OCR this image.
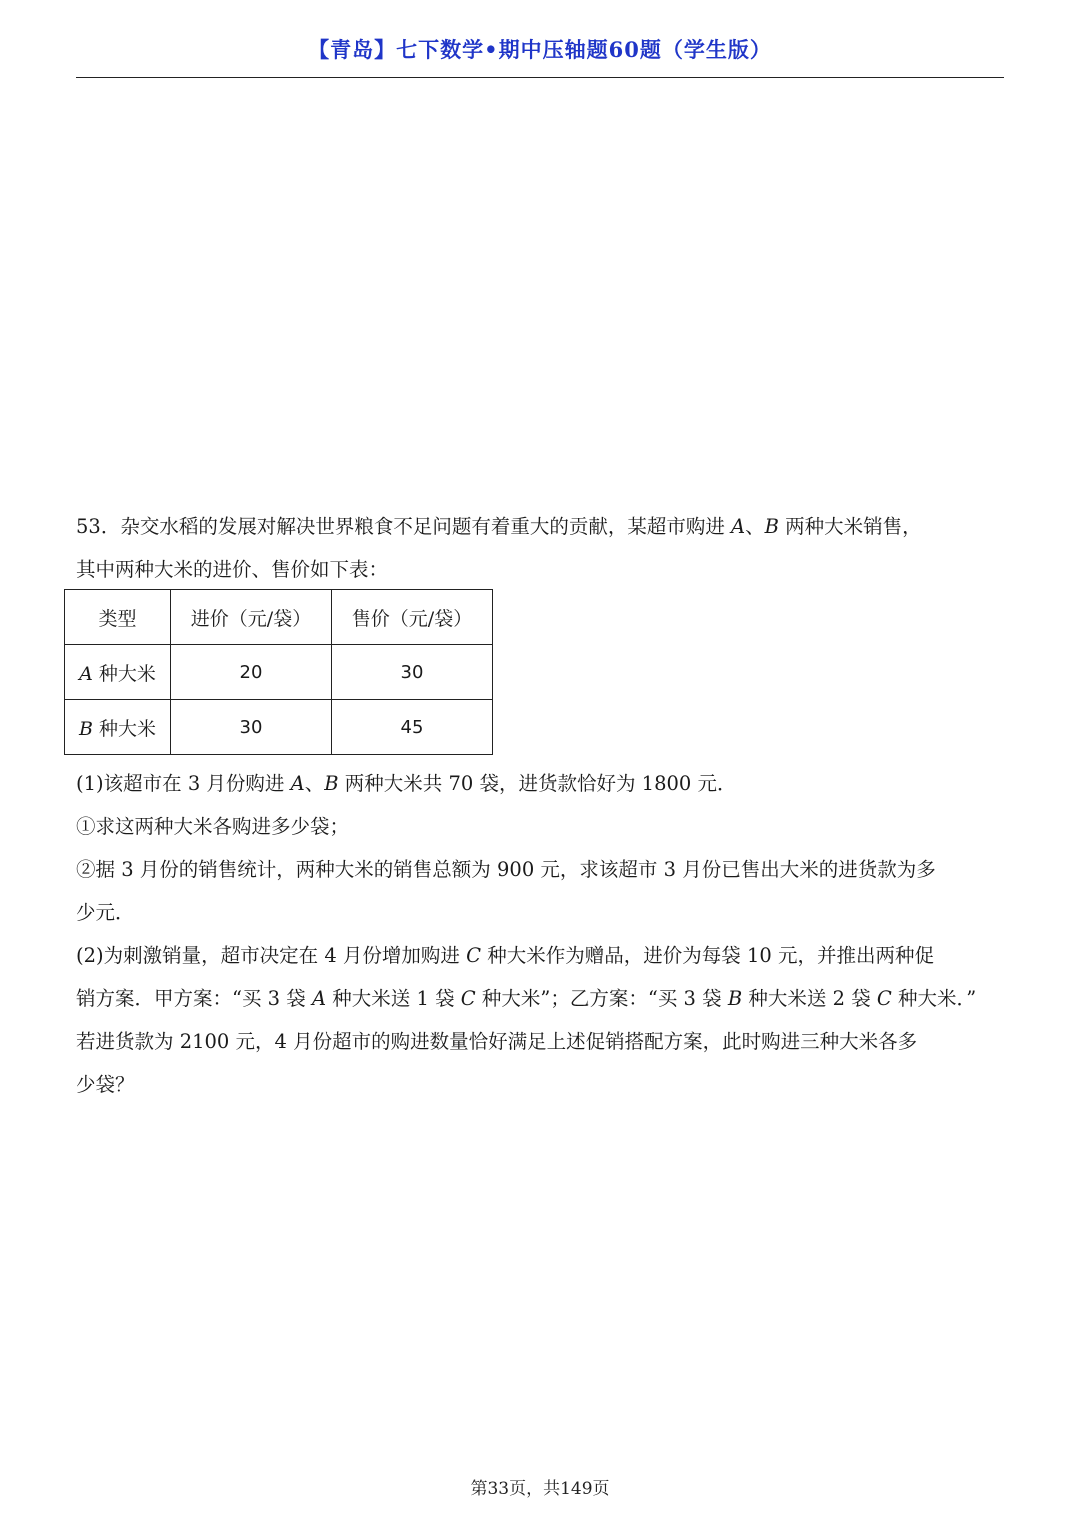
【青岛】七下数学•期中压轴题60题（学生版）

53．杂交水稻的发展对解决世界粮食不足问题有着重大的贡献，某超市购进 A、B 两种大米销售，

其中两种大米的进价、售价如下表：

类型	进价（元/袋）	售价（元/袋）
A 种大米	20	30
B 种大米	30	45

(1)该超市在 3 月份购进 A、B 两种大米共 70 袋，进货款恰好为 1800 元．

①求这两种大米各购进多少袋；

②据 3 月份的销售统计，两种大米的销售总额为 900 元，求该超市 3 月份已售出大米的进货款为多

少元．

(2)为刺激销量，超市决定在 4 月份增加购进 C 种大米作为赠品，进价为每袋 10 元，并推出两种促

销方案．甲方案：“买 3 袋 A 种大米送 1 袋 C 种大米”；乙方案：“买 3 袋 B 种大米送 2 袋 C 种大米．”

若进货款为 2100 元，4 月份超市的购进数量恰好满足上述促销搭配方案，此时购进三种大米各多

少袋？

第33页，共149页
